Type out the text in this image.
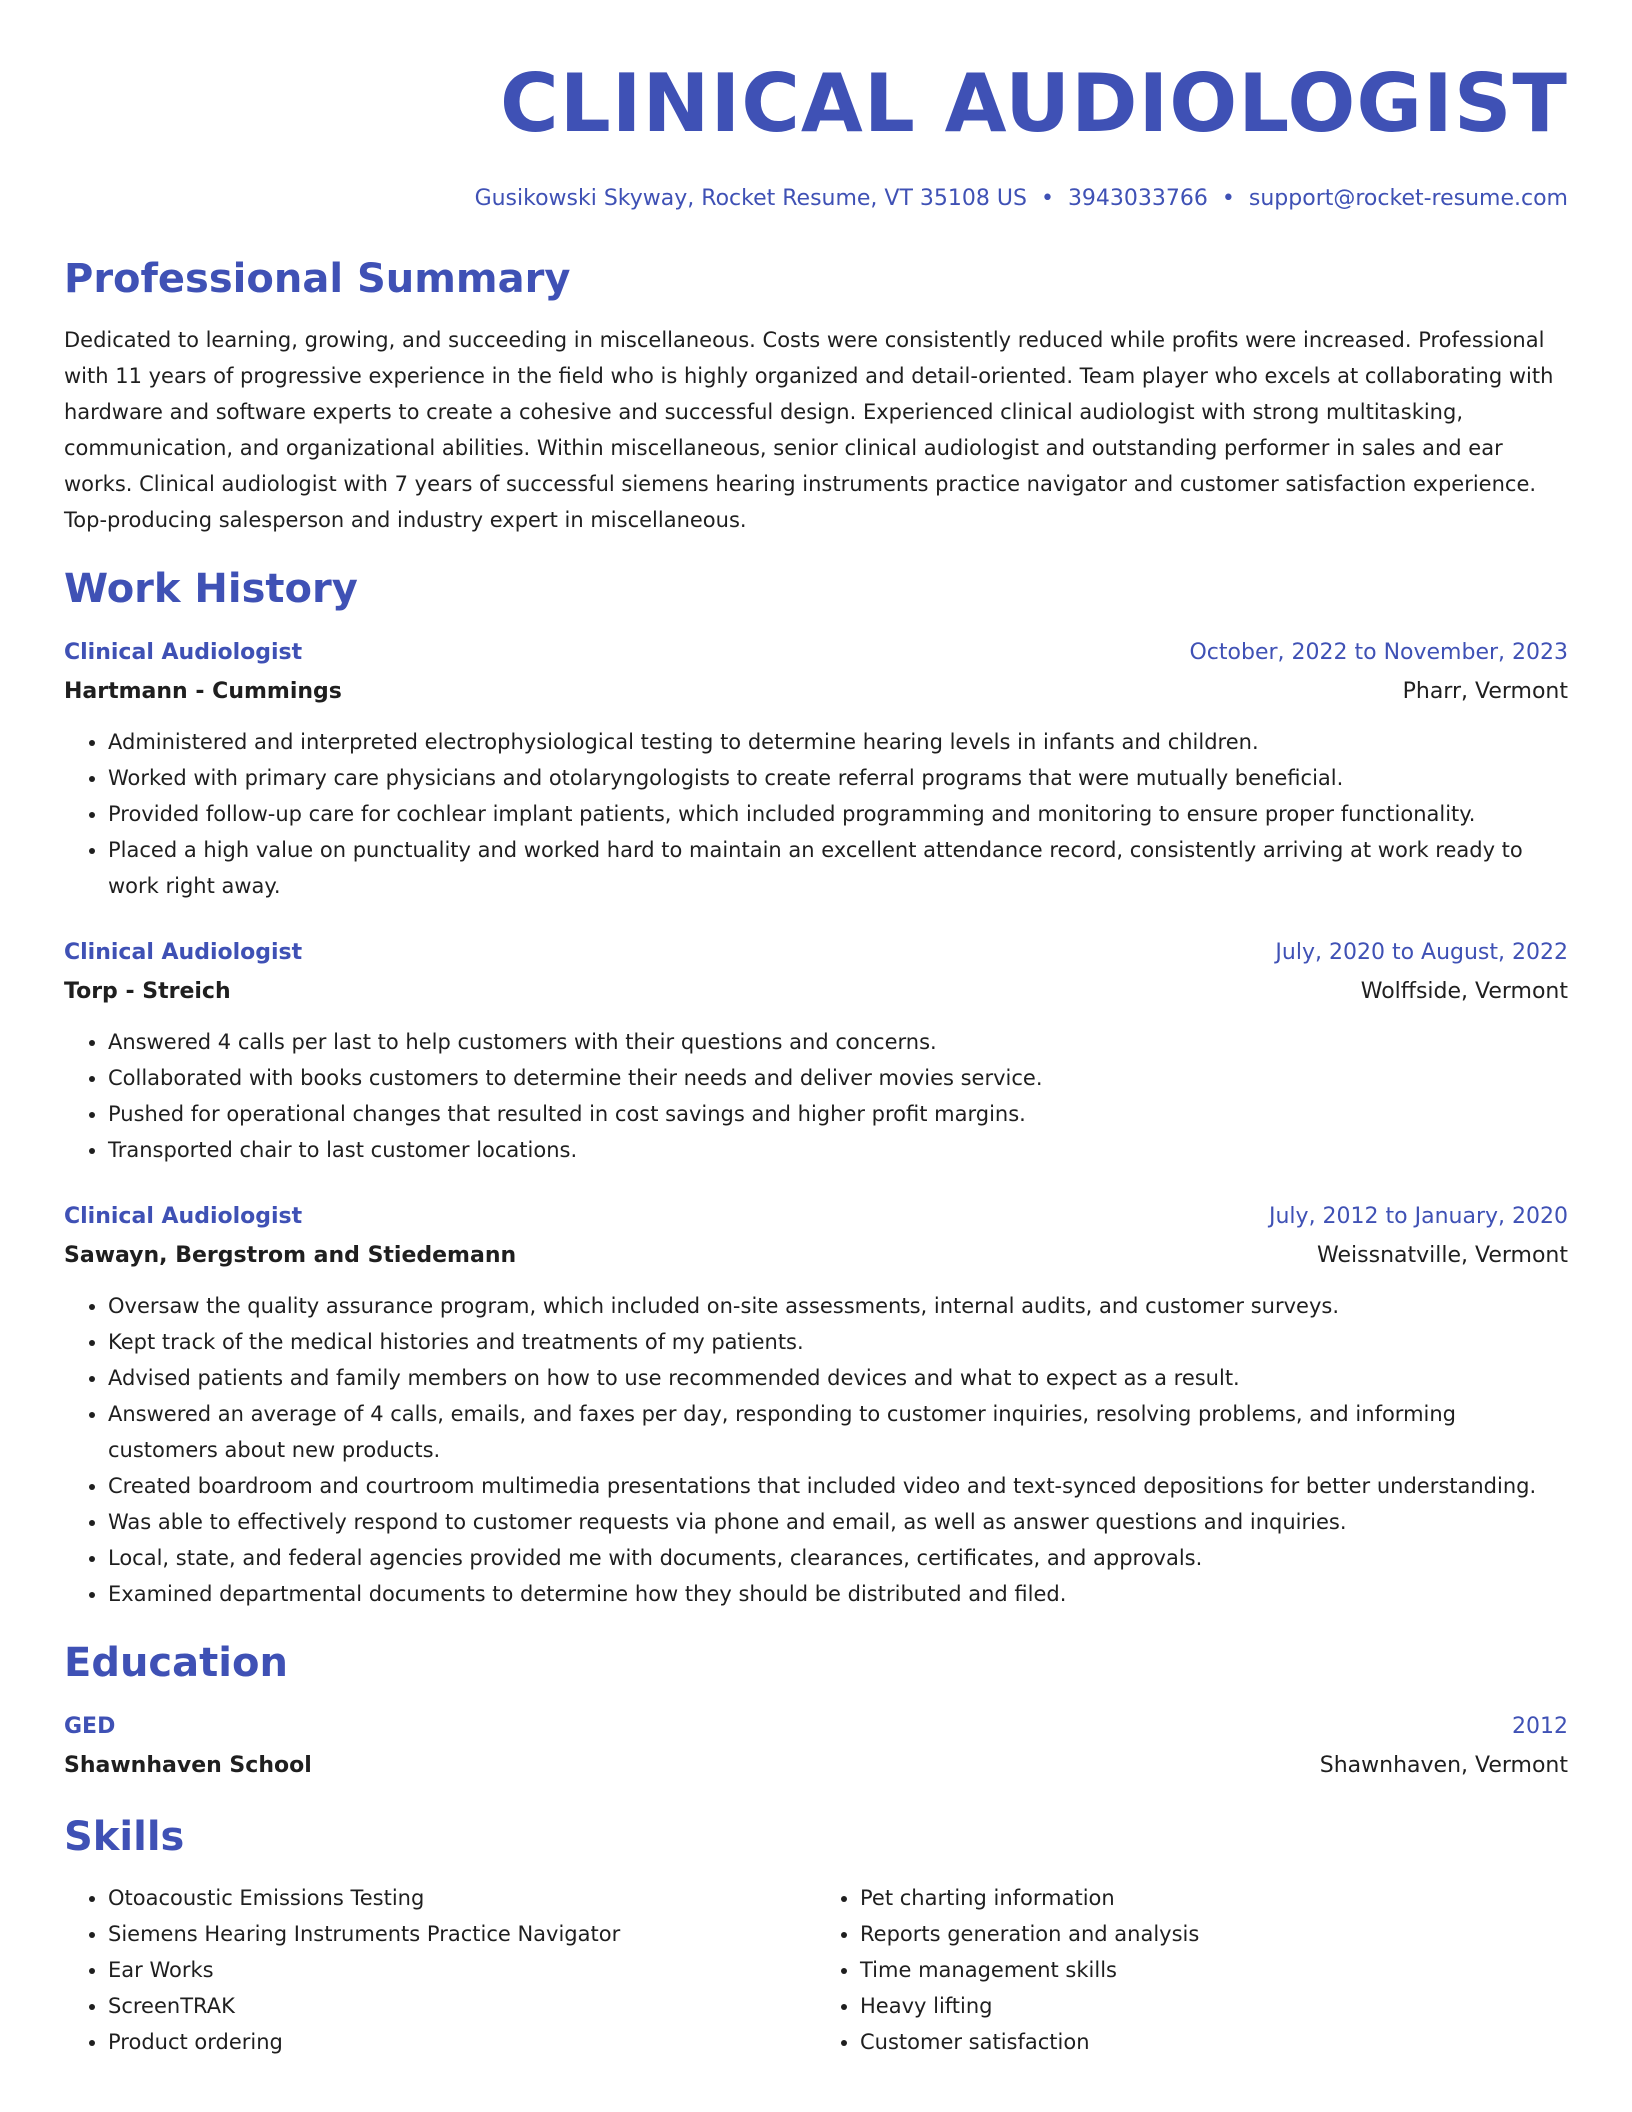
CLINICAL AUDIOLOGIST
Gusikowski Skyway, Rocket Resume, VT 35108 US • 3943033766 • support@rocket-resume.com
Professional Summary
Dedicated to learning, growing, and succeeding in miscellaneous. Costs were consistently reduced while profits were increased. Professional with 11 years of progressive experience in the field who is highly organized and detail-oriented. Team player who excels at collaborating with hardware and software experts to create a cohesive and successful design. Experienced clinical audiologist with strong multitasking, communication, and organizational abilities. Within miscellaneous, senior clinical audiologist and outstanding performer in sales and ear works. Clinical audiologist with 7 years of successful siemens hearing instruments practice navigator and customer satisfaction experience. Top-producing salesperson and industry expert in miscellaneous.
Work History
Clinical Audiologist	October, 2022 to November, 2023
Hartmann - Cummings	Pharr, Vermont
• Administered and interpreted electrophysiological testing to determine hearing levels in infants and children.
• Worked with primary care physicians and otolaryngologists to create referral programs that were mutually beneficial.
• Provided follow-up care for cochlear implant patients, which included programming and monitoring to ensure proper functionality.
• Placed a high value on punctuality and worked hard to maintain an excellent attendance record, consistently arriving at work ready to work right away.
Clinical Audiologist	July, 2020 to August, 2022
Torp - Streich	Wolffside, Vermont
• Answered 4 calls per last to help customers with their questions and concerns.
• Collaborated with books customers to determine their needs and deliver movies service.
• Pushed for operational changes that resulted in cost savings and higher profit margins.
• Transported chair to last customer locations.
Clinical Audiologist	July, 2012 to January, 2020
Sawayn, Bergstrom and Stiedemann	Weissnatville, Vermont
• Oversaw the quality assurance program, which included on-site assessments, internal audits, and customer surveys.
• Kept track of the medical histories and treatments of my patients.
• Advised patients and family members on how to use recommended devices and what to expect as a result.
• Answered an average of 4 calls, emails, and faxes per day, responding to customer inquiries, resolving problems, and informing customers about new products.
• Created boardroom and courtroom multimedia presentations that included video and text-synced depositions for better understanding.
• Was able to effectively respond to customer requests via phone and email, as well as answer questions and inquiries.
• Local, state, and federal agencies provided me with documents, clearances, certificates, and approvals.
• Examined departmental documents to determine how they should be distributed and filed.
Education
GED	2012
Shawnhaven School	Shawnhaven, Vermont
Skills
• Otoacoustic Emissions Testing
• Siemens Hearing Instruments Practice Navigator
• Ear Works
• ScreenTRAK
• Product ordering
• Pet charting information
• Reports generation and analysis
• Time management skills
• Heavy lifting
• Customer satisfaction
